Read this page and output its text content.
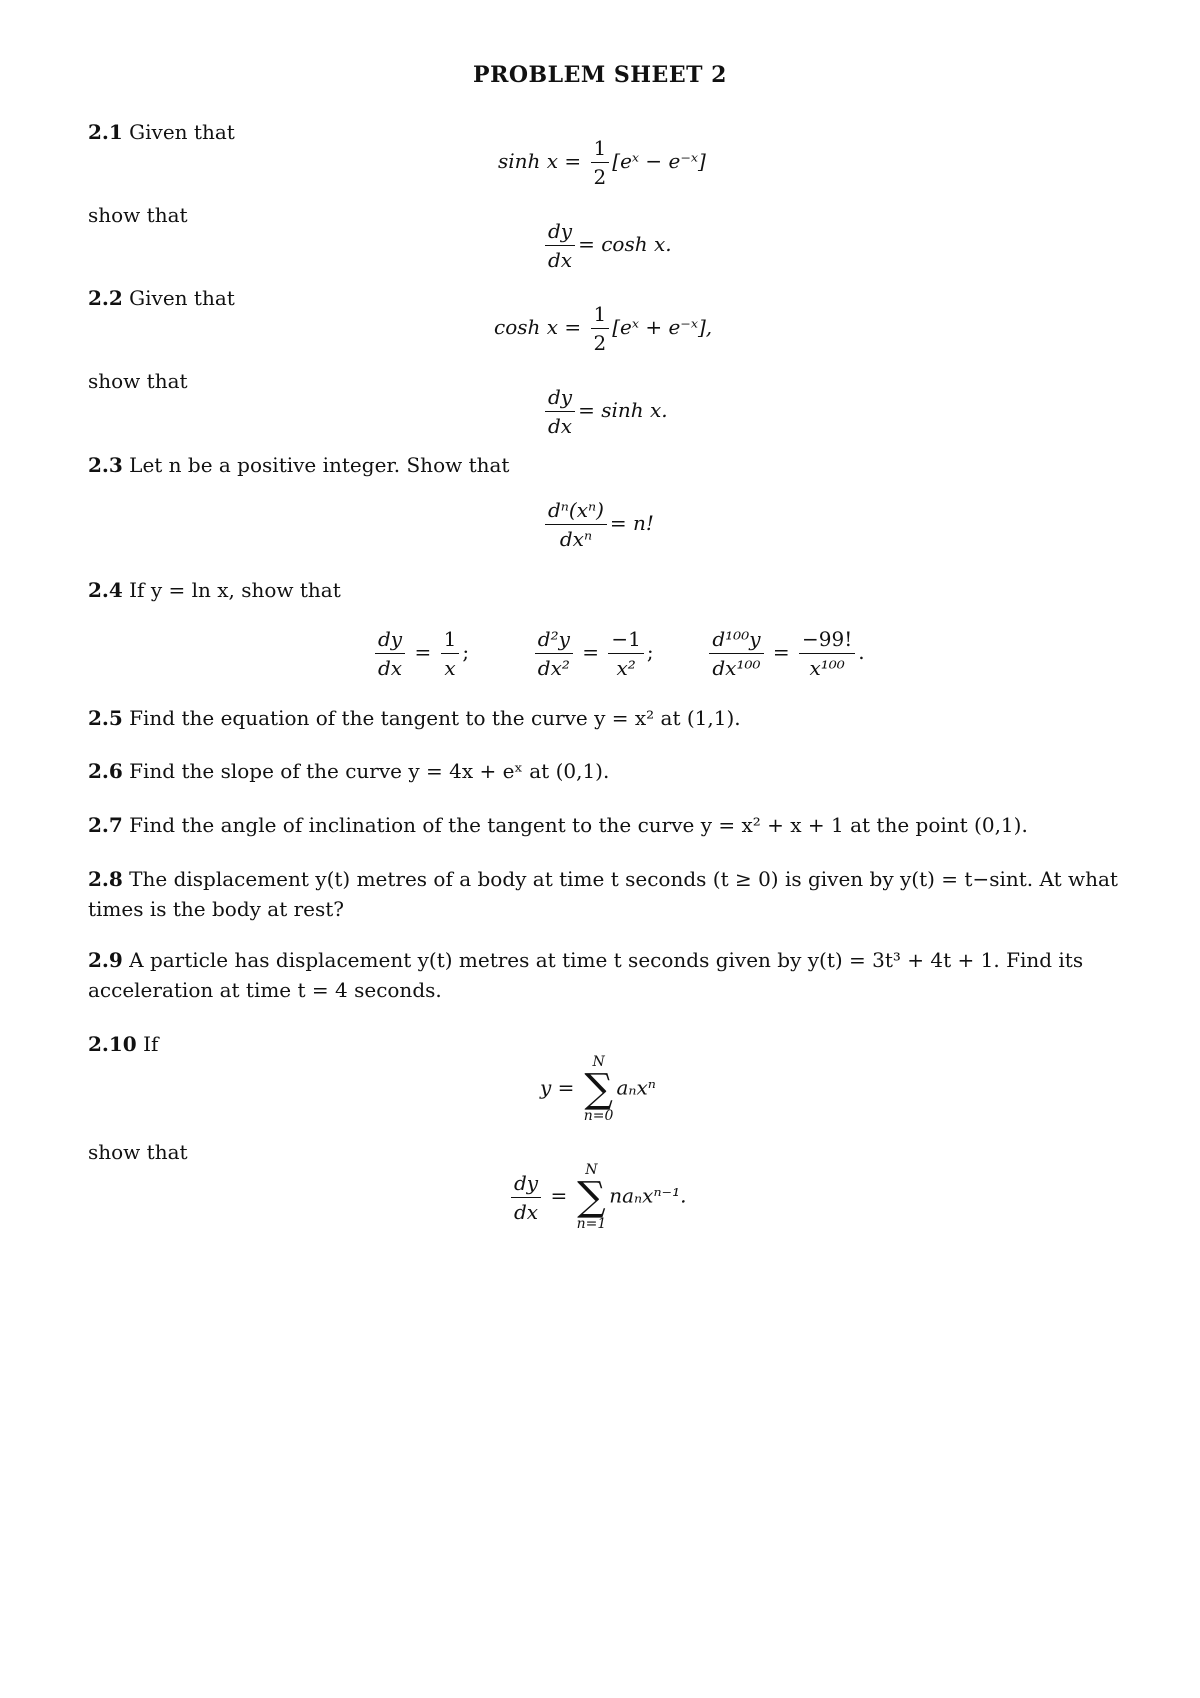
PROBLEM SHEET 2
2.1 Given that
$\sinh x = \frac{1}{2}$ [eˣ − e⁻ˣ]
show that
$\frac{dy}{dx} = \cosh x$.
2.2 Given that
$\cosh x = \frac{1}{2}$ [eˣ + e⁻ˣ],
show that
$\frac{dy}{dx} = \sinh x$.
2.3 Let n be a positive integer. Show that
$\frac{\text{dⁿ(xⁿ)}}{\text{dxⁿ}} = n$!
2.4 If y = ln x, show that
$\frac{dy}{dx} = \frac{1}{x}$ ;	$\frac{\text{d²y}}{\text{dx²}} = \frac{-1}{\text{x²}}$ ;	$\frac{\text{d¹⁰⁰y}}{\text{dx¹⁰⁰}} = \frac{-99!}{\text{x¹⁰⁰}}$ .
2.5 Find the equation of the tangent to the curve y = x² at (1,1).
2.6 Find the slope of the curve y = 4x + eˣ at (0,1).
2.7 Find the angle of inclination of the tangent to the curve y = x² + x + 1 at the point (0,1).
2.8 The displacement y(t) metres of a body at time t seconds (t ≥ 0) is given by y(t) = t−sint. At what times is the body at rest?
2.9 A particle has displacement y(t) metres at time t seconds given by y(t) = 3t³ + 4t + 1. Find its acceleration at time t = 4 seconds.
2.10 If
y =
N
∑
n=0
aₙxⁿ
show that
$\frac{dy}{dx}$ =
N
∑
n=1
naₙxⁿ⁻¹.
